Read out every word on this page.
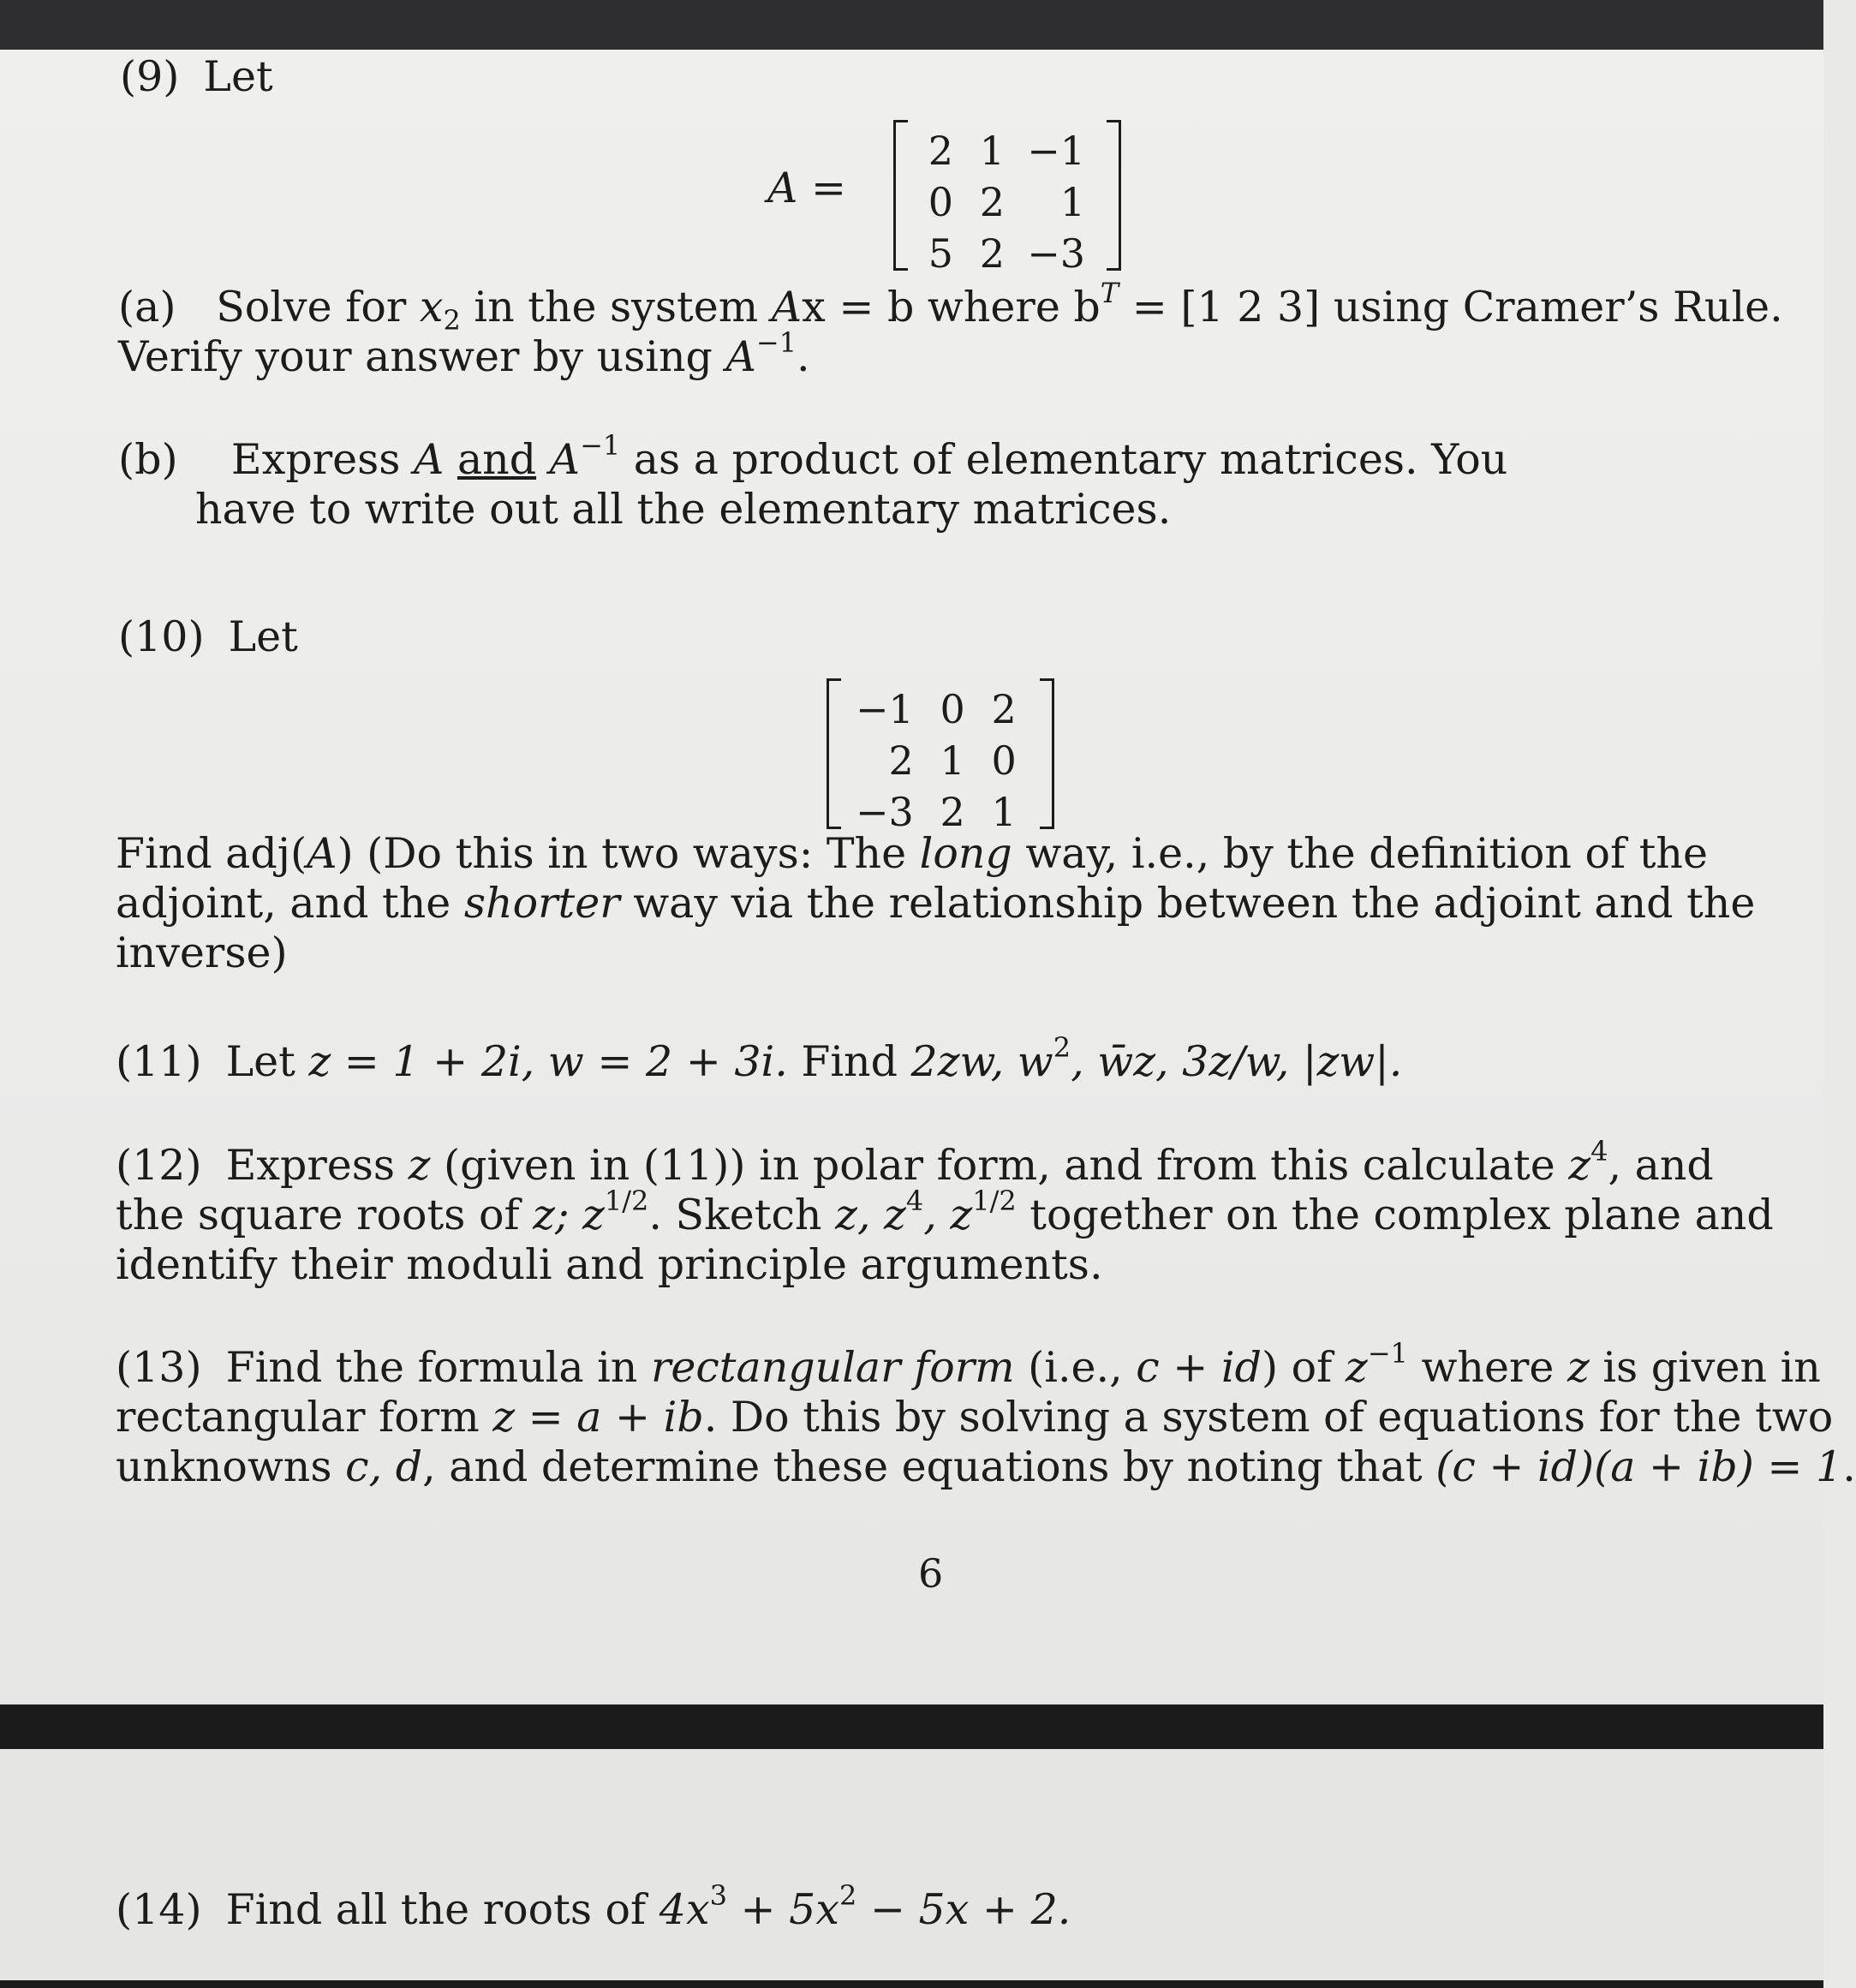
(9) Let
A =
2	1	−1
0	2	1
5	2	−3
(a) Solve for $x_2$ in the system Ax = b where $b^T = [1$ 2 3] using Cramer’s Rule.
Verify your answer by using $A^{-1}$.
(b) Express A and $A^{-1}$ as a product of elementary matrices. You
have to write out all the elementary matrices.
(10) Let
−1	0	2
2	1	0
−3	2	1
Find adj(A) (Do this in two ways: The long way, i.e., by the definition of the
adjoint, and the shorter way via the relationship between the adjoint and the
inverse)
(11) Let z = 1 + 2i, w = 2 + 3i. Find 2zw, $w^2$, w̄z, 3z/w, |zw|.
(12) Express z (given in (11)) in polar form, and from this calculate $z^4$, and
the square roots of z; $z^{1/2}$. Sketch z, $z^4$, $z^{1/2}$ together on the complex plane and
identify their moduli and principle arguments.
(13) Find the formula in rectangular form (i.e., c + id) of $z^{-1}$ where z is given in
rectangular form z = a + ib. Do this by solving a system of equations for the two
unknowns c, d, and determine these equations by noting that (c + id)(a + ib) = 1.
6
(14) Find all the roots of $4x^3 + 5x^2 - 5x + 2$.
